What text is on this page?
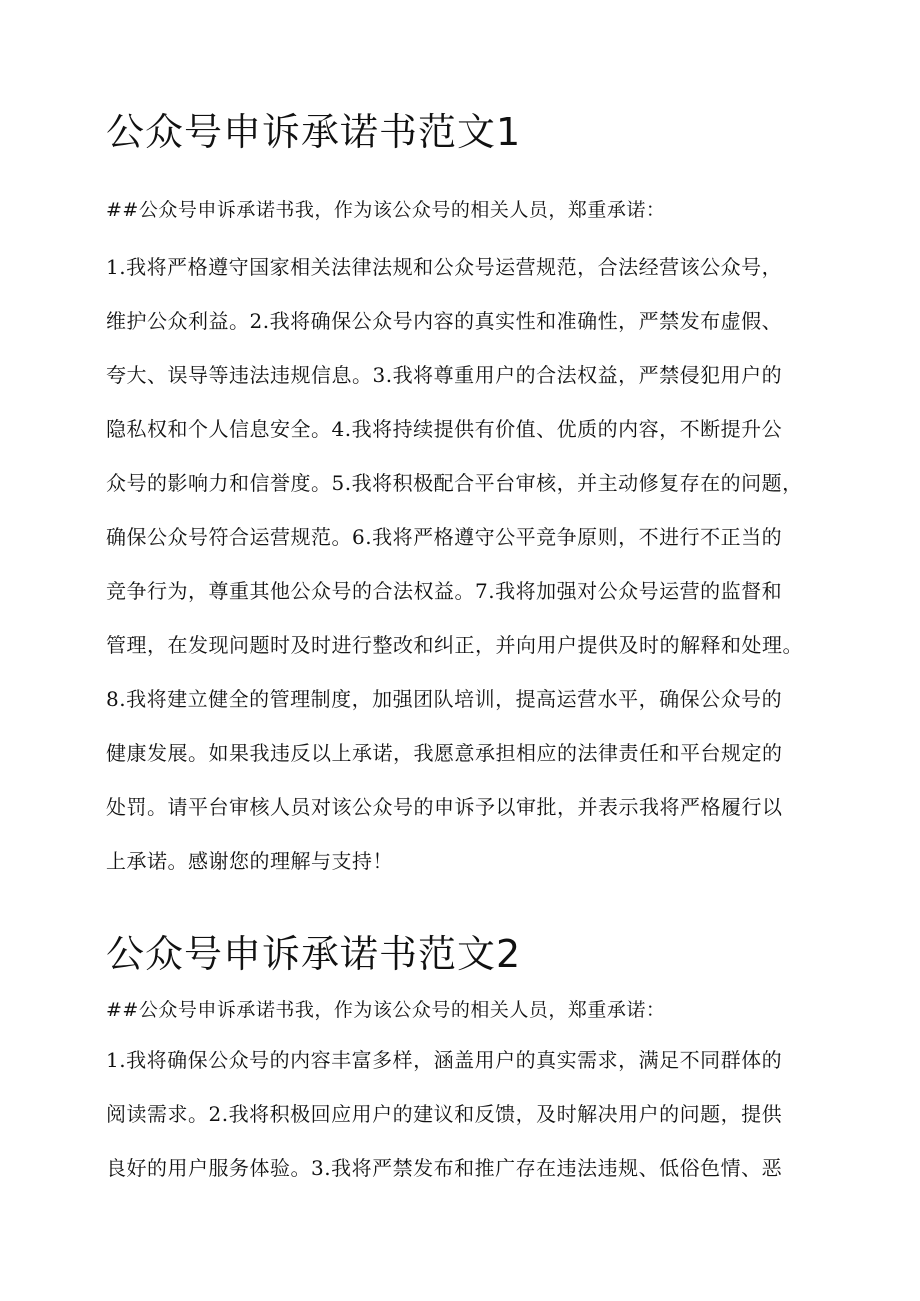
公众号申诉承诺书范文1

##公众号申诉承诺书我，作为该公众号的相关人员，郑重承诺：

1.我将严格遵守国家相关法律法规和公众号运营规范，合法经营该公众号，

维护公众利益。2.我将确保公众号内容的真实性和准确性，严禁发布虚假、

夸大、误导等违法违规信息。3.我将尊重用户的合法权益，严禁侵犯用户的

隐私权和个人信息安全。4.我将持续提供有价值、优质的内容，不断提升公

众号的影响力和信誉度。5.我将积极配合平台审核，并主动修复存在的问题，

确保公众号符合运营规范。6.我将严格遵守公平竞争原则，不进行不正当的

竞争行为，尊重其他公众号的合法权益。7.我将加强对公众号运营的监督和

管理，在发现问题时及时进行整改和纠正，并向用户提供及时的解释和处理。

8.我将建立健全的管理制度，加强团队培训，提高运营水平，确保公众号的

健康发展。如果我违反以上承诺，我愿意承担相应的法律责任和平台规定的

处罚。请平台审核人员对该公众号的申诉予以审批，并表示我将严格履行以

上承诺。感谢您的理解与支持！

公众号申诉承诺书范文2

##公众号申诉承诺书我，作为该公众号的相关人员，郑重承诺：

1.我将确保公众号的内容丰富多样，涵盖用户的真实需求，满足不同群体的

阅读需求。2.我将积极回应用户的建议和反馈，及时解决用户的问题，提供

良好的用户服务体验。3.我将严禁发布和推广存在违法违规、低俗色情、恶
